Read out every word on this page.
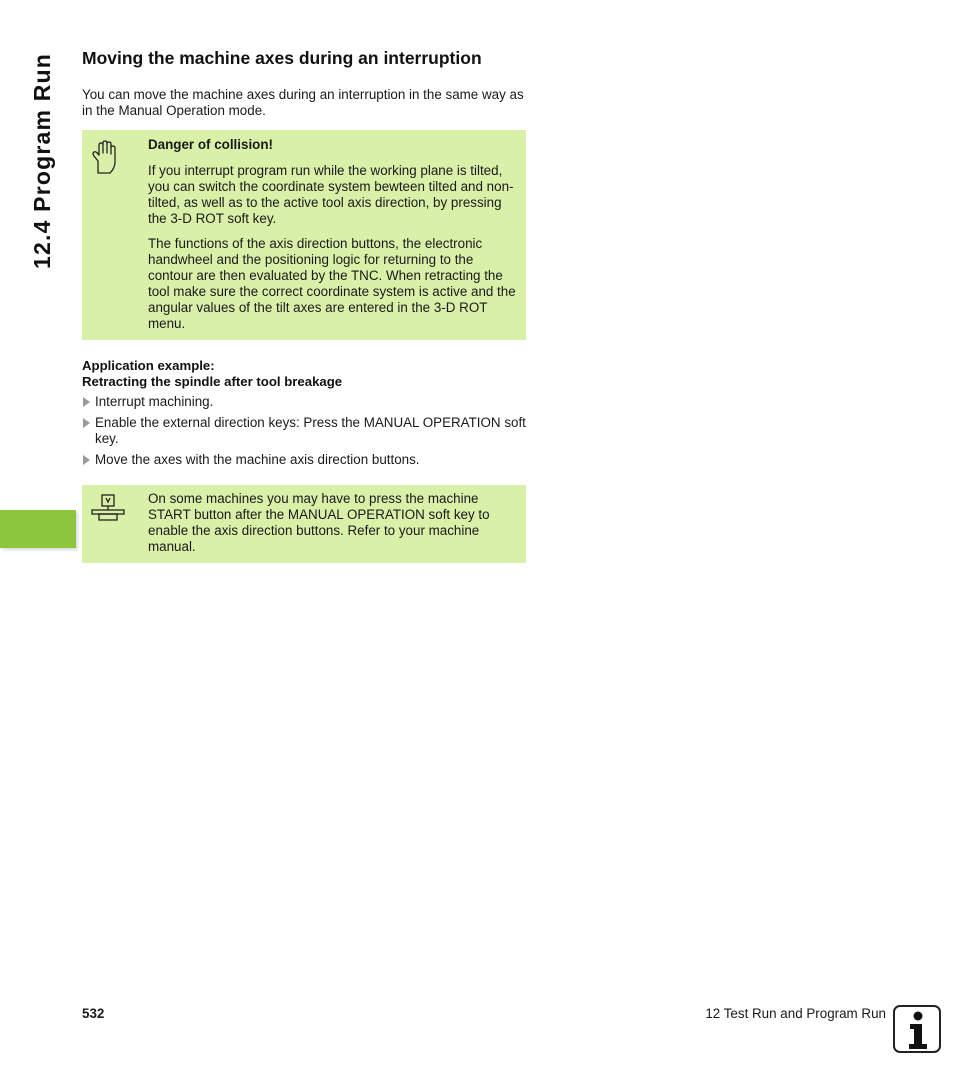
12.4 Program Run Moving the machine axes during an interruption

You can move the machine axes during an interruption in the same way as in the Manual Operation mode.

Danger of collision!

If you interrupt program run while the working plane is tilted, you can switch the coordinate system bewteen tilted and non-tilted, as well as to the active tool axis direction, by pressing the 3-D ROT soft key.

The functions of the axis direction buttons, the electronic handwheel and the positioning logic for returning to the contour are then evaluated by the TNC. When retracting the tool make sure the correct coordinate system is active and the angular values of the tilt axes are entered in the 3-D ROT menu.

Application example:
Retracting the spindle after tool breakage
Interrupt machining.
Enable the external direction keys: Press the MANUAL OPERATION soft key.
Move the axes with the machine axis direction buttons.

On some machines you may have to press the machine START button after the MANUAL OPERATION soft key to enable the axis direction buttons. Refer to your machine manual.

532	12 Test Run and Program Run
